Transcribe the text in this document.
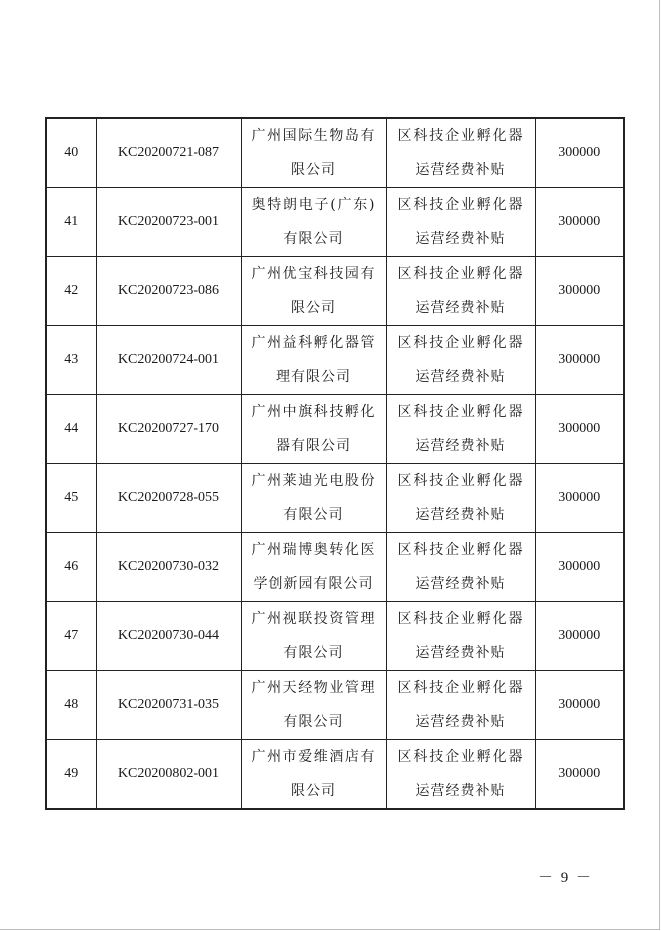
40	KC20200721-087	广州国际生物岛有限公司	区科技企业孵化器运营经费补贴	300000
41	KC20200723-001	奥特朗电子(广东)有限公司	区科技企业孵化器运营经费补贴	300000
42	KC20200723-086	广州优宝科技园有限公司	区科技企业孵化器运营经费补贴	300000
43	KC20200724-001	广州益科孵化器管理有限公司	区科技企业孵化器运营经费补贴	300000
44	KC20200727-170	广州中旗科技孵化器有限公司	区科技企业孵化器运营经费补贴	300000
45	KC20200728-055	广州莱迪光电股份有限公司	区科技企业孵化器运营经费补贴	300000
46	KC20200730-032	广州瑞博奥转化医学创新园有限公司	区科技企业孵化器运营经费补贴	300000
47	KC20200730-044	广州视联投资管理有限公司	区科技企业孵化器运营经费补贴	300000
48	KC20200731-035	广州天经物业管理有限公司	区科技企业孵化器运营经费补贴	300000
49	KC20200802-001	广州市爱维酒店有限公司	区科技企业孵化器运营经费补贴	300000
－ 9 －
